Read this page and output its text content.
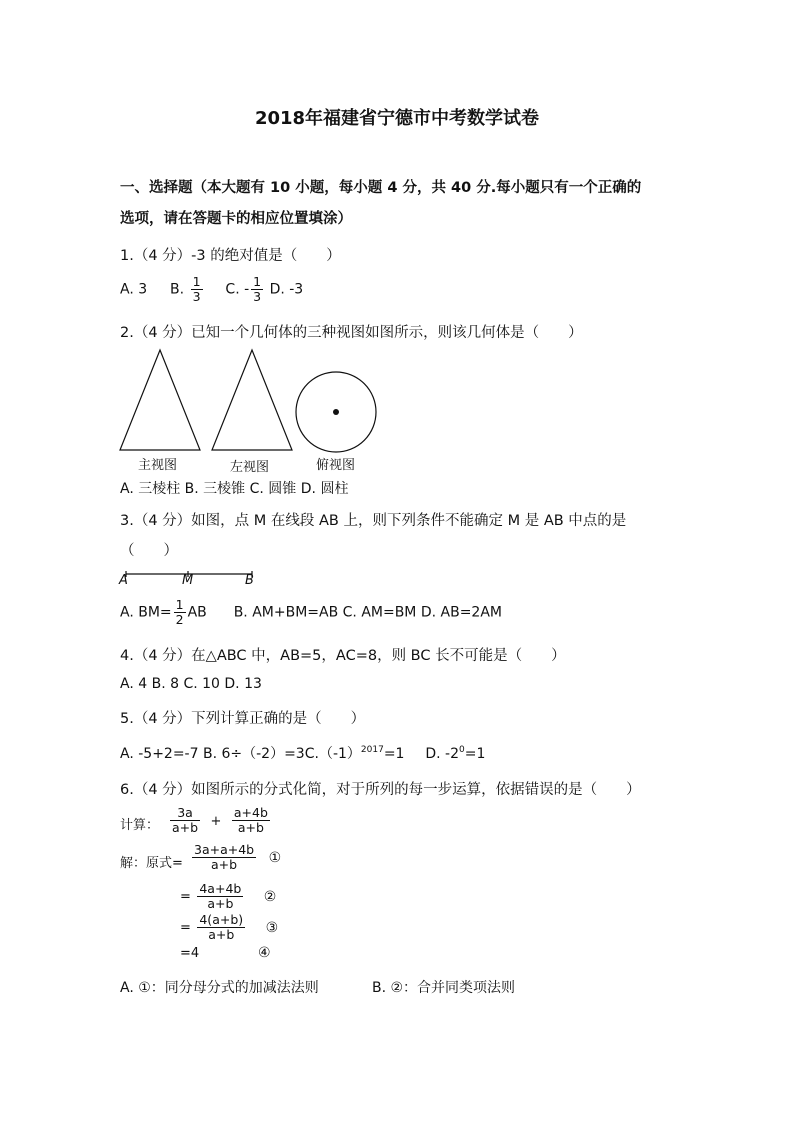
2018年福建省宁德市中考数学试卷
一、选择题（本大题有 10 小题，每小题 4 分，共 40 分.每小题只有一个正确的
选项，请在答题卡的相应位置填涂）
1.（4 分）-3 的绝对值是（　　）
A. 3 B. $\frac{1}{3} C$. - $\frac{1}{3} D$. -3
2.（4 分）已知一个几何体的三种视图如图所示，则该几何体是（　　）
主视图	左视图	俯视图
A. 三棱柱 B. 三棱锥 C. 圆锥 D. 圆柱
3.（4 分）如图，点 M 在线段 AB 上，则下列条件不能确定 M 是 AB 中点的是
（　　）
A	M	B
A. $BM= \frac{1}{2}$ AB B. AM+BM=AB C. AM=BM D. AB=2AM
4.（4 分）在△ABC 中，AB=5，AC=8，则 BC 长不可能是（　　）
A. 4 B. 8 C. 10 D. 13
5.（4 分）下列计算正确的是（　　）
A. -5+2=-7 B. $6\div(-2)=3C.(-1)^{2017}=1$ D. $-2^0=1$
6.（4 分）如图所示的分式化简，对于所列的每一步运算，依据错误的是（　　）
计算： $\frac{3a}{a+b} + \frac{a+4b}{a+b}$
解：原式= $\frac{3a+a+4b}{a+b}$ ①
= $\frac{4a+4b}{a+b}$ ②
= $\frac{4(a+b)}{a+b}$ ③
=4	④
A. ①：同分母分式的加减法法则	B. ②：合并同类项法则
